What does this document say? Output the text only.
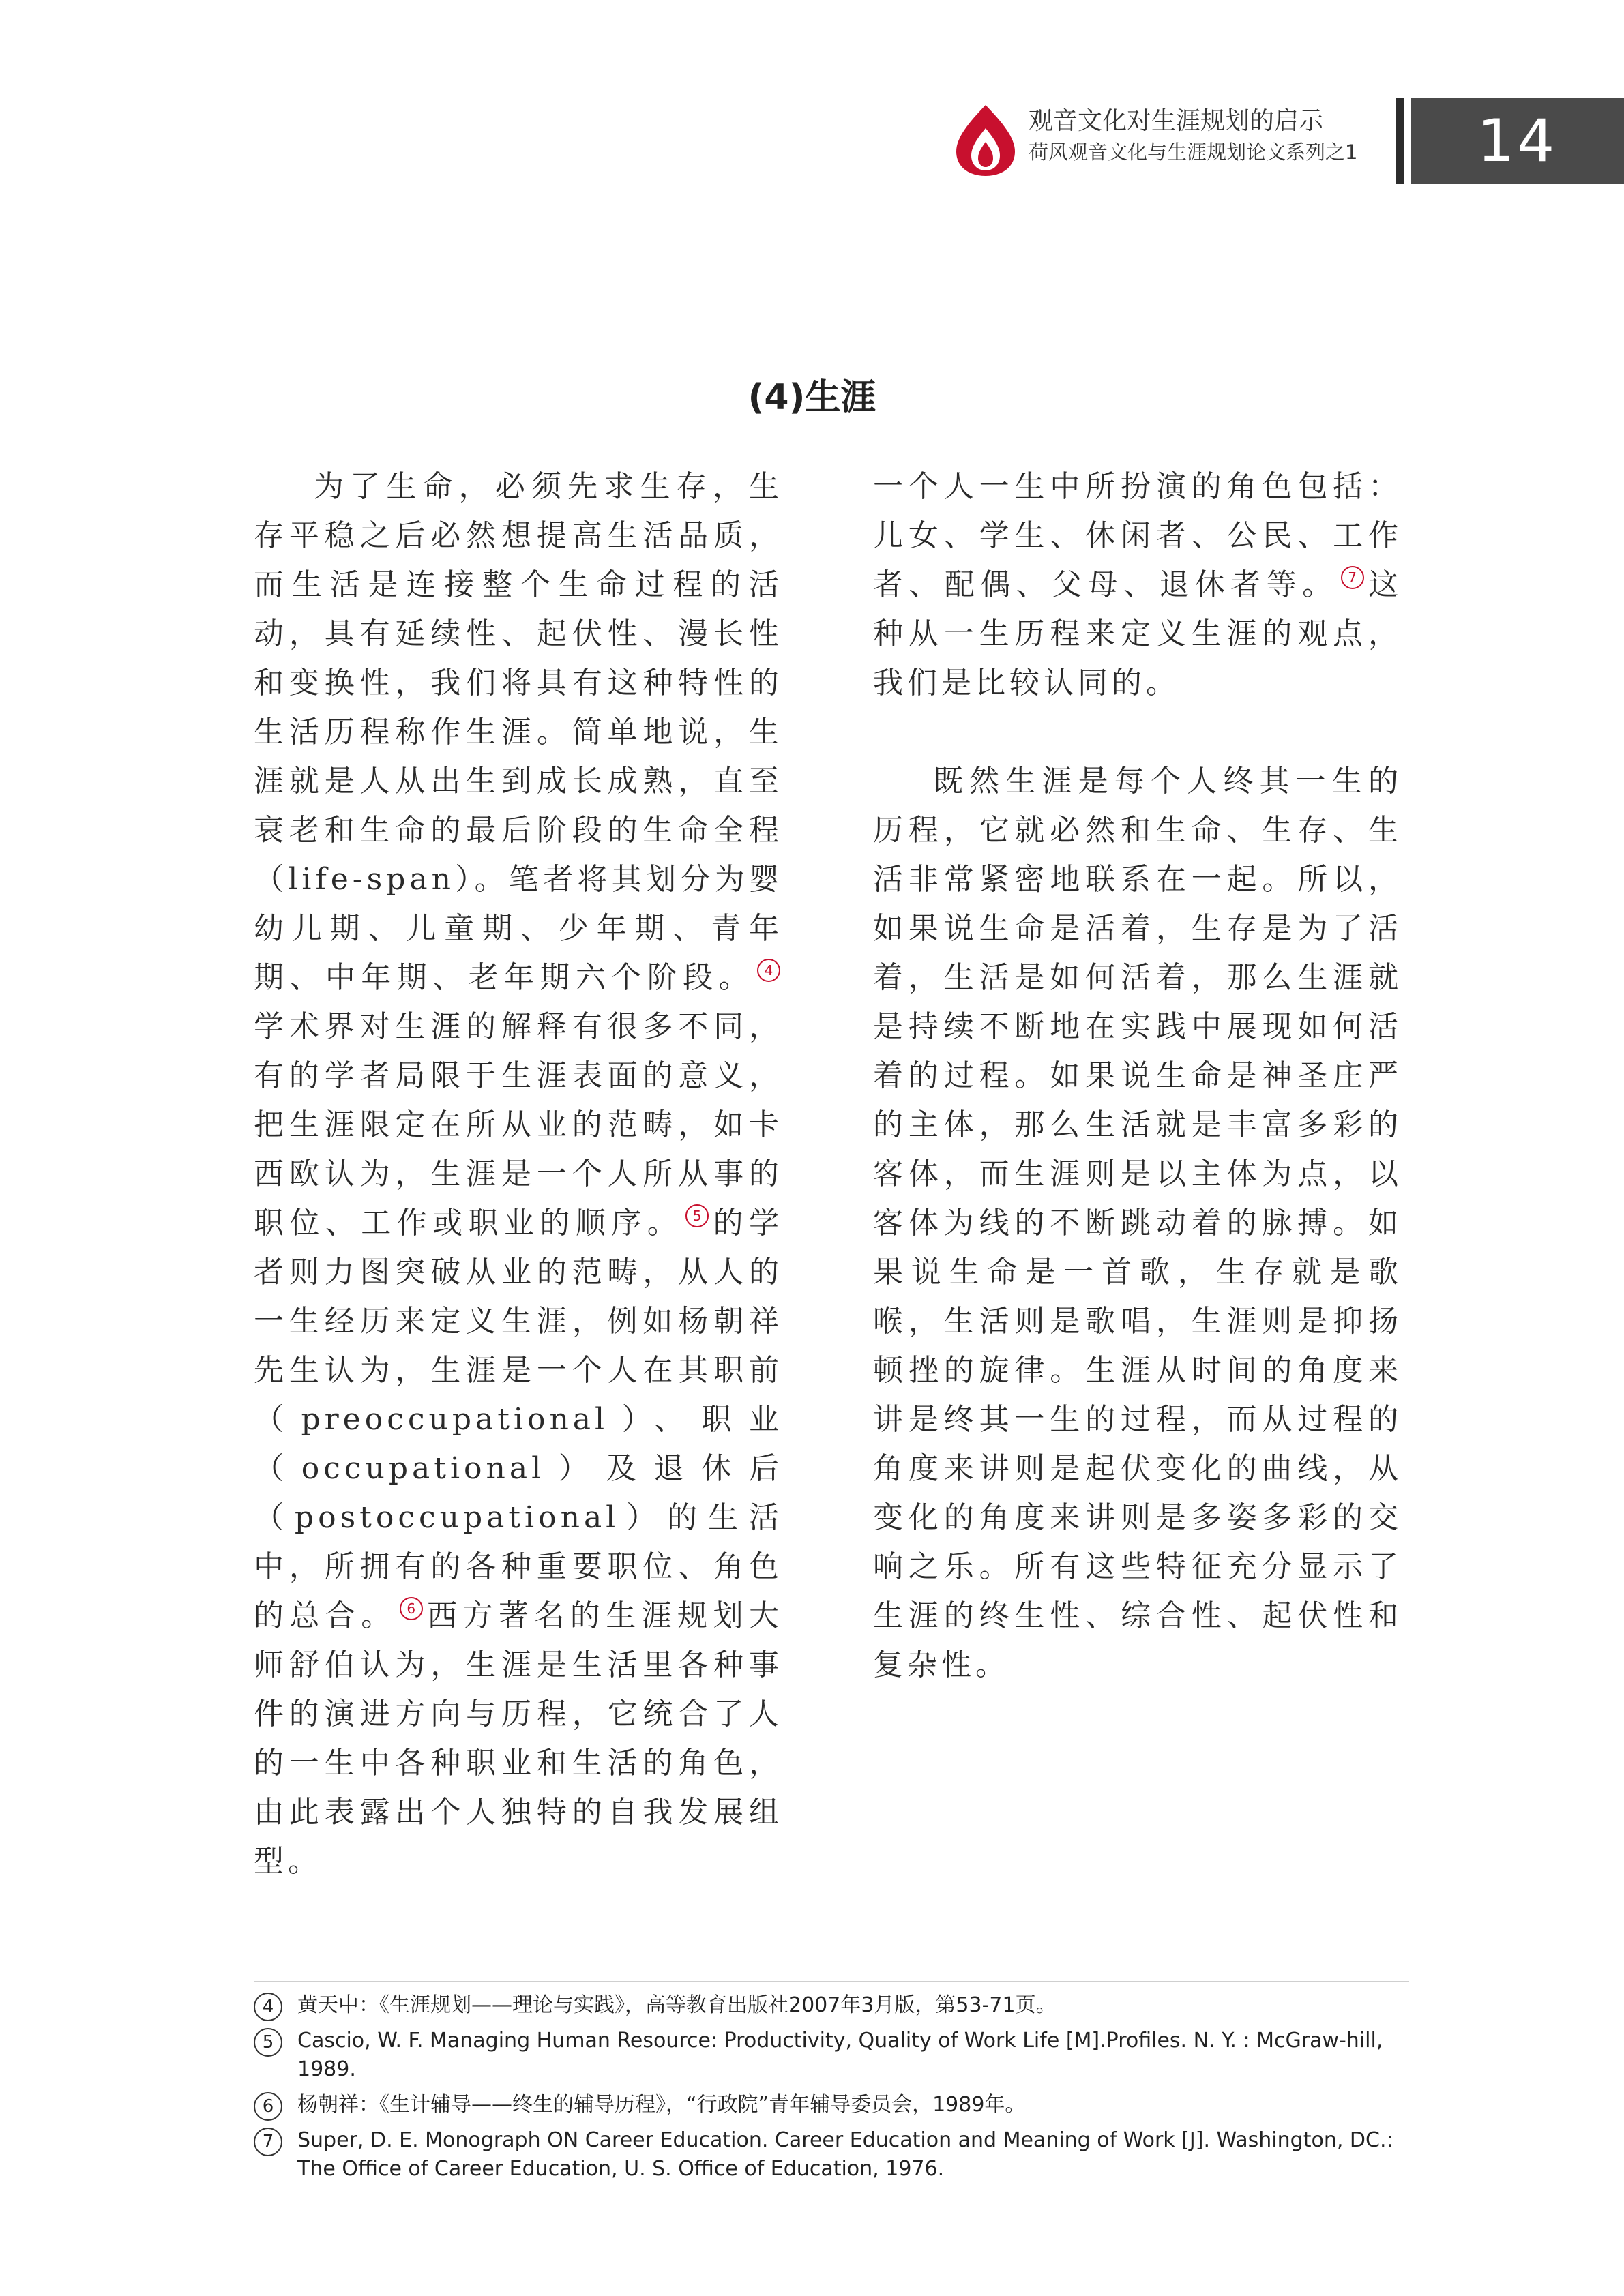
观音文化对生涯规划的启示
荷风观音文化与生涯规划论文系列之1	14
(4)生涯

为了生命，必须先求生存，生存平稳之后必然想提高生活品质，而生活是连接整个生命过程的活动，具有延续性、起伏性、漫长性和变换性，我们将具有这种特性的生活历程称作生涯。简单地说，生涯就是人从出生到成长成熟，直至衰老和生命的最后阶段的生命全程（life-span）。笔者将其划分为婴幼儿期、儿童期、少年期、青年期、中年期、老年期六个阶段。 4学术界对生涯的解释有很多不同，有的学者局限于生涯表面的意义，把生涯限定在所从业的范畴，如卡西欧认为，生涯是一个人所从事的职位、工作或职业的顺序。 5 的学者则力图突破从业的范畴，从人的一生经历来定义生涯，例如杨朝祥先生认为，生涯是一个人在其职前（preoccupational）、职业（occupational）及退休后（postoccupational）的生活中，所拥有的各种重要职位、角色的总合。 6 西方著名的生涯规划大师舒伯认为，生涯是生活里各种事件的演进方向与历程，它统合了人的一生中各种职业和生活的角色，由此表露出个人独特的自我发展组型。

一个人一生中所扮演的角色包括：儿女、学生、休闲者、公民、工作者、配偶、父母、退休者等。 7 这种从一生历程来定义生涯的观点，我们是比较认同的。

既然生涯是每个人终其一生的历程，它就必然和生命、生存、生活非常紧密地联系在一起。所以，如果说生命是活着，生存是为了活着，生活是如何活着，那么生涯就是持续不断地在实践中展现如何活着的过程。如果说生命是神圣庄严的主体，那么生活就是丰富多彩的客体，而生涯则是以主体为点，以客体为线的不断跳动着的脉搏。如果说生命是一首歌，生存就是歌喉，生活则是歌唱，生涯则是抑扬顿挫的旋律。生涯从时间的角度来讲是终其一生的过程，而从过程的角度来讲则是起伏变化的曲线，从变化的角度来讲则是多姿多彩的交响之乐。所有这些特征充分显示了生涯的终生性、综合性、起伏性和复杂性。

4	黄天中：《生涯规划——理论与实践》，高等教育出版社2007年3月版，第53-71页。
5	Cascio, W. F. Managing Human Resource: Productivity, Quality of Work Life [M].Profiles. N. Y. : McGraw-hill, 1989.
6	杨朝祥：《生计辅导——终生的辅导历程》，“行政院”青年辅导委员会，1989年。
7	Super, D. E. Monograph ON Career Education. Career Education and Meaning of Work [J]. Washington, DC.: The Office of Career Education, U. S. Office of Education, 1976.
